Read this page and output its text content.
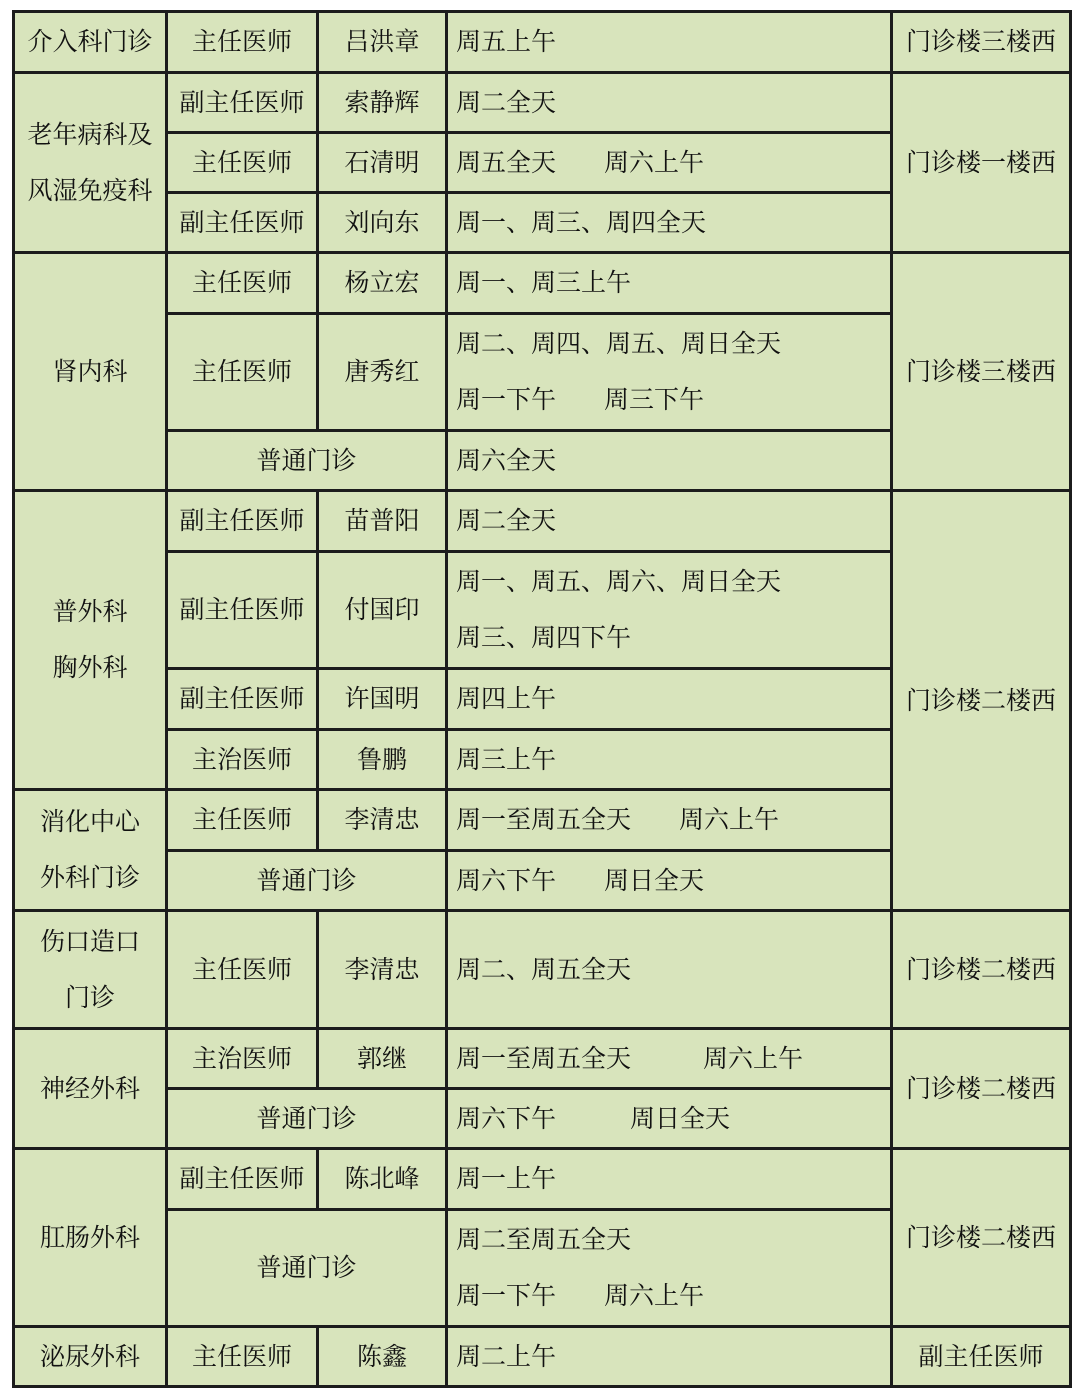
介入科门诊	主任医师	吕洪章	周五上午	门诊楼三楼西

老年病科及
风湿免疫科	副主任医师	索静辉	周二全天	门诊楼一楼西
	主任医师	石清明	周五全天 周六上午	

	副主任医师	刘向东	周一、周三、周四全天	

肾内科	主任医师	杨立宏	周一、周三上午	门诊楼三楼西
	主任医师	唐秀红	周二、周四、周五、周日全天
周一下午 周三下午	

	普通门诊		周六全天	

普外科
胸外科	副主任医师	苗普阳	周二全天	门诊楼二楼西
	副主任医师	付国印	周一、周五、周六、周日全天
周三、周四下午	

	副主任医师	许国明	周四上午	

	主治医师	鲁鹏	周三上午	

消化中心
外科门诊	主任医师	李清忠	周一至周五全天 周六上午	

	普通门诊		周六下午 周日全天	

伤口造口
门诊	主任医师	李清忠	周二、周五全天	门诊楼二楼西

神经外科	主治医师	郭继	周一至周五全天 周六上午	门诊楼二楼西
	普通门诊		周六下午 周日全天	

肛肠外科	副主任医师	陈北峰	周一上午	门诊楼二楼西
	普通门诊		周二至周五全天
周一下午 周六上午	

泌尿外科	主任医师	陈鑫	周二上午	副主任医师
